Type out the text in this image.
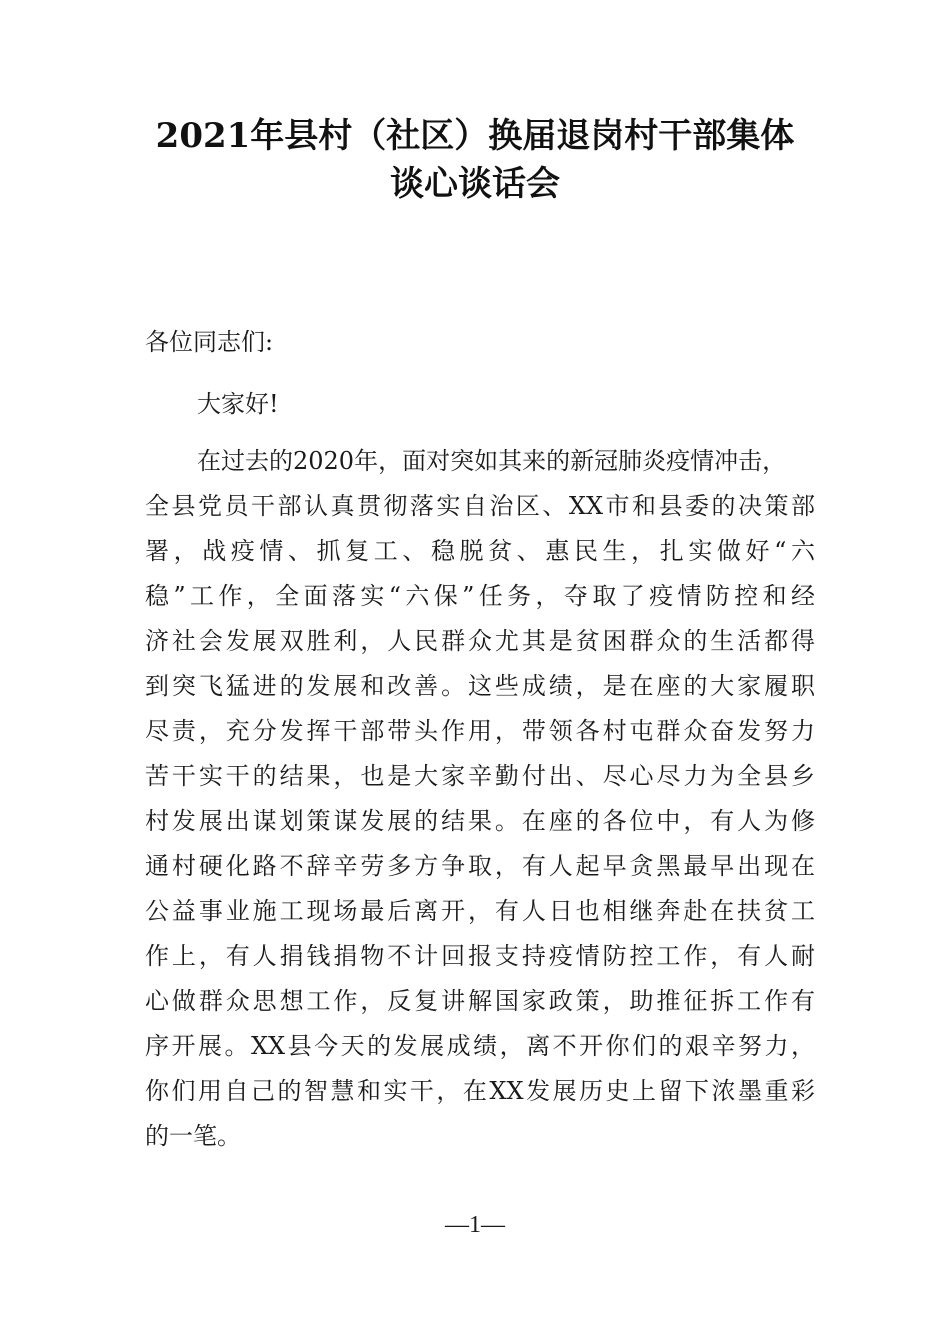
2021年县村（社区）换届退岗村干部集体
谈心谈话会
各位同志们:
大家好!
在过去的2020年，面对突如其来的新冠肺炎疫情冲击，
全县党员干部认真贯彻落实自治区、XX市和县委的决策部
署，战疫情、抓复工、稳脱贫、惠民生，扎实做好“六
稳”工作，全面落实“六保”任务，夺取了疫情防控和经
济社会发展双胜利，人民群众尤其是贫困群众的生活都得
到突飞猛进的发展和改善。这些成绩，是在座的大家履职
尽责，充分发挥干部带头作用，带领各村屯群众奋发努力
苦干实干的结果，也是大家辛勤付出、尽心尽力为全县乡
村发展出谋划策谋发展的结果。在座的各位中，有人为修
通村硬化路不辞辛劳多方争取，有人起早贪黑最早出现在
公益事业施工现场最后离开，有人日也相继奔赴在扶贫工
作上，有人捐钱捐物不计回报支持疫情防控工作，有人耐
心做群众思想工作，反复讲解国家政策，助推征拆工作有
序开展。XX县今天的发展成绩，离不开你们的艰辛努力，
你们用自己的智慧和实干，在XX发展历史上留下浓墨重彩
的一笔。
—1—
